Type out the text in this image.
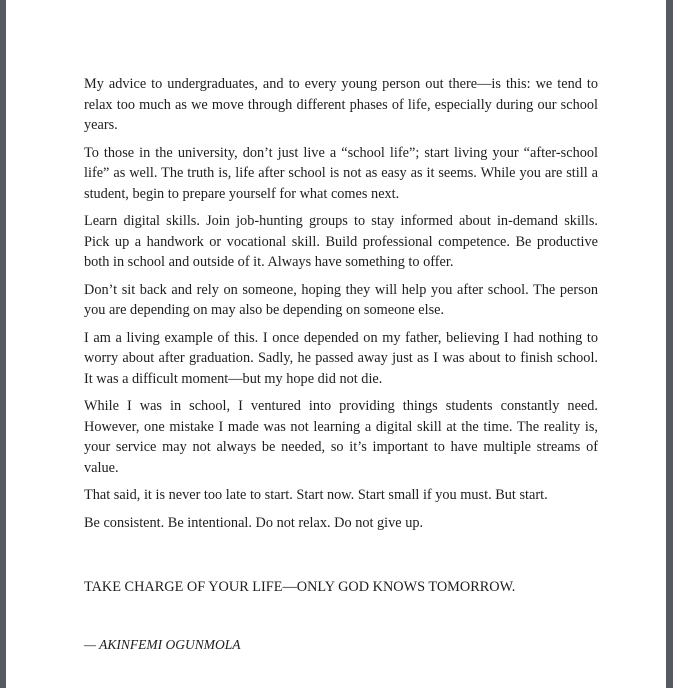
My advice to undergraduates, and to every young person out there—is this: we tend to relax too much as we move through different phases of life, especially during our school years.

To those in the university, don’t just live a “school life”; start living your “after-school life” as well. The truth is, life after school is not as easy as it seems. While you are still a student, begin to prepare yourself for what comes next.

Learn digital skills. Join job-hunting groups to stay informed about in-demand skills. Pick up a handwork or vocational skill. Build professional competence. Be productive both in school and outside of it. Always have something to offer.

Don’t sit back and rely on someone, hoping they will help you after school. The person you are depending on may also be depending on someone else.

I am a living example of this. I once depended on my father, believing I had nothing to worry about after graduation. Sadly, he passed away just as I was about to finish school. It was a difficult moment—but my hope did not die.

While I was in school, I ventured into providing things students constantly need. However, one mistake I made was not learning a digital skill at the time. The reality is, your service may not always be needed, so it’s important to have multiple streams of value.

That said, it is never too late to start. Start now. Start small if you must. But start.

Be consistent. Be intentional. Do not relax. Do not give up.

TAKE CHARGE OF YOUR LIFE—ONLY GOD KNOWS TOMORROW.
— AKINFEMI OGUNMOLA
